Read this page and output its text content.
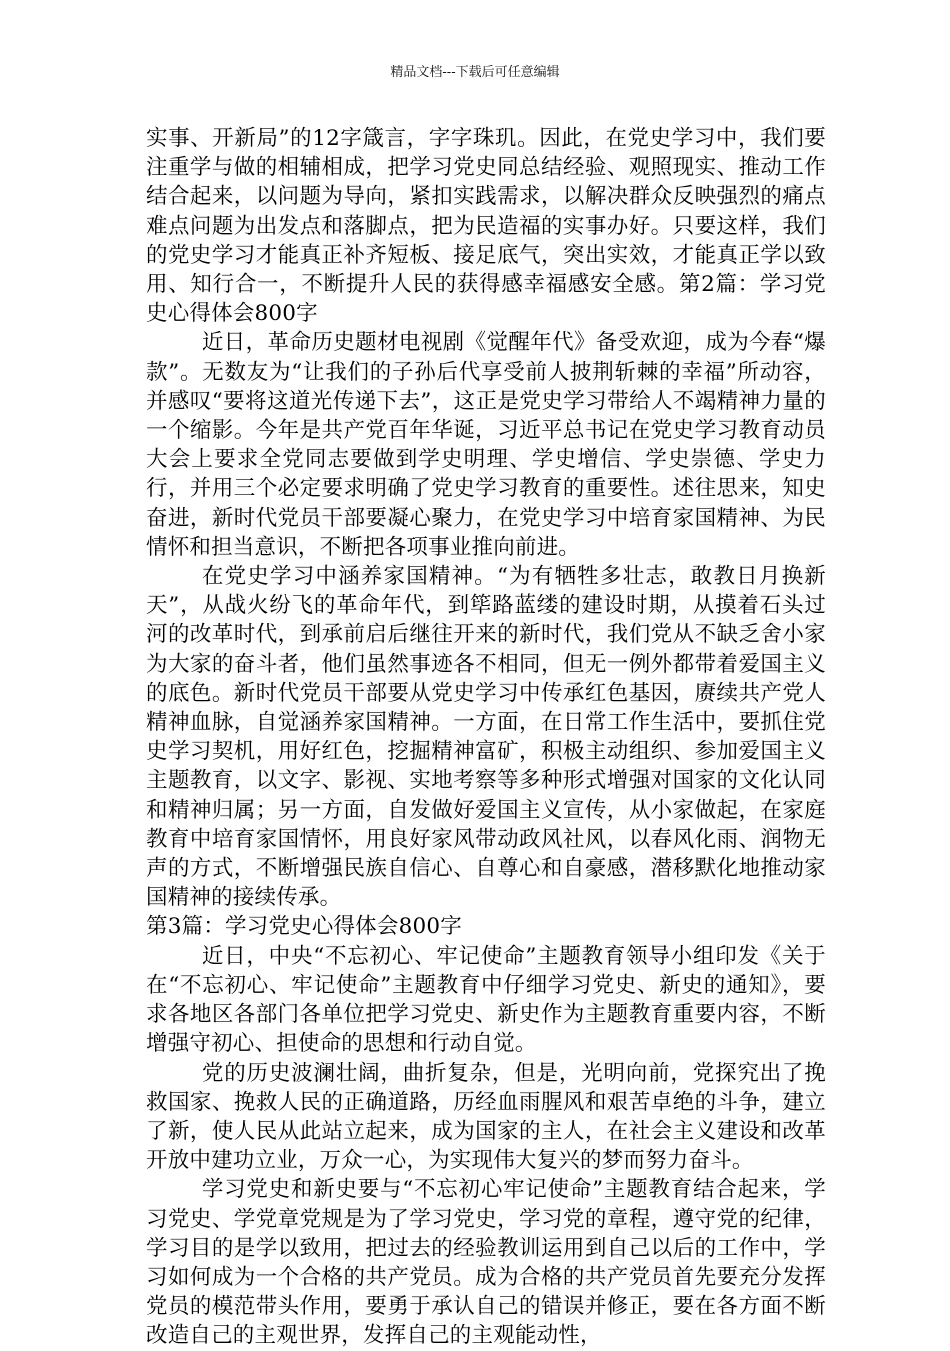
精品文档---下载后可任意编辑

实事、开新局”的12字箴言，字字珠玑。因此，在党史学习中，我们要注重学与做的相辅相成，把学习党史同总结经验、观照现实、推动工作结合起来，以问题为导向，紧扣实践需求，以解决群众反映强烈的痛点难点问题为出发点和落脚点，把为民造福的实事办好。只要这样，我们的党史学习才能真正补齐短板、接足底气，突出实效，才能真正学以致用、知行合一，不断提升人民的获得感幸福感安全感。第2篇：学习党史心得体会800字

近日，革命历史题材电视剧《觉醒年代》备受欢迎，成为今春“爆款”。无数友为“让我们的子孙后代享受前人披荆斩棘的幸福”所动容，并感叹“要将这道光传递下去”，这正是党史学习带给人不竭精神力量的一个缩影。今年是共产党百年华诞，习近平总书记在党史学习教育动员大会上要求全党同志要做到学史明理、学史增信、学史崇德、学史力行，并用三个必定要求明确了党史学习教育的重要性。述往思来，知史奋进，新时代党员干部要凝心聚力，在党史学习中培育家国精神、为民情怀和担当意识，不断把各项事业推向前进。

在党史学习中涵养家国精神。“为有牺牲多壮志，敢教日月换新天”，从战火纷飞的革命年代，到筚路蓝缕的建设时期，从摸着石头过河的改革时代，到承前启后继往开来的新时代，我们党从不缺乏舍小家为大家的奋斗者，他们虽然事迹各不相同，但无一例外都带着爱国主义的底色。新时代党员干部要从党史学习中传承红色基因，赓续共产党人精神血脉，自觉涵养家国精神。一方面，在日常工作生活中，要抓住党史学习契机，用好红色，挖掘精神富矿，积极主动组织、参加爱国主义主题教育，以文字、影视、实地考察等多种形式增强对国家的文化认同和精神归属；另一方面，自发做好爱国主义宣传，从小家做起，在家庭教育中培育家国情怀，用良好家风带动政风社风，以春风化雨、润物无声的方式，不断增强民族自信心、自尊心和自豪感，潜移默化地推动家国精神的接续传承。

第3篇：学习党史心得体会800字

近日，中央“不忘初心、牢记使命”主题教育领导小组印发《关于在“不忘初心、牢记使命”主题教育中仔细学习党史、新史的通知》，要求各地区各部门各单位把学习党史、新史作为主题教育重要内容，不断增强守初心、担使命的思想和行动自觉。

党的历史波澜壮阔，曲折复杂，但是，光明向前，党探究出了挽救国家、挽救人民的正确道路，历经血雨腥风和艰苦卓绝的斗争，建立了新，使人民从此站立起来，成为国家的主人，在社会主义建设和改革开放中建功立业，万众一心，为实现伟大复兴的梦而努力奋斗。

学习党史和新史要与“不忘初心牢记使命”主题教育结合起来，学习党史、学党章党规是为了学习党史，学习党的章程，遵守党的纪律，学习目的是学以致用，把过去的经验教训运用到自己以后的工作中，学习如何成为一个合格的共产党员。成为合格的共产党员首先要充分发挥党员的模范带头作用，要勇于承认自己的错误并修正，要在各方面不断改造自己的主观世界，发挥自己的主观能动性，
